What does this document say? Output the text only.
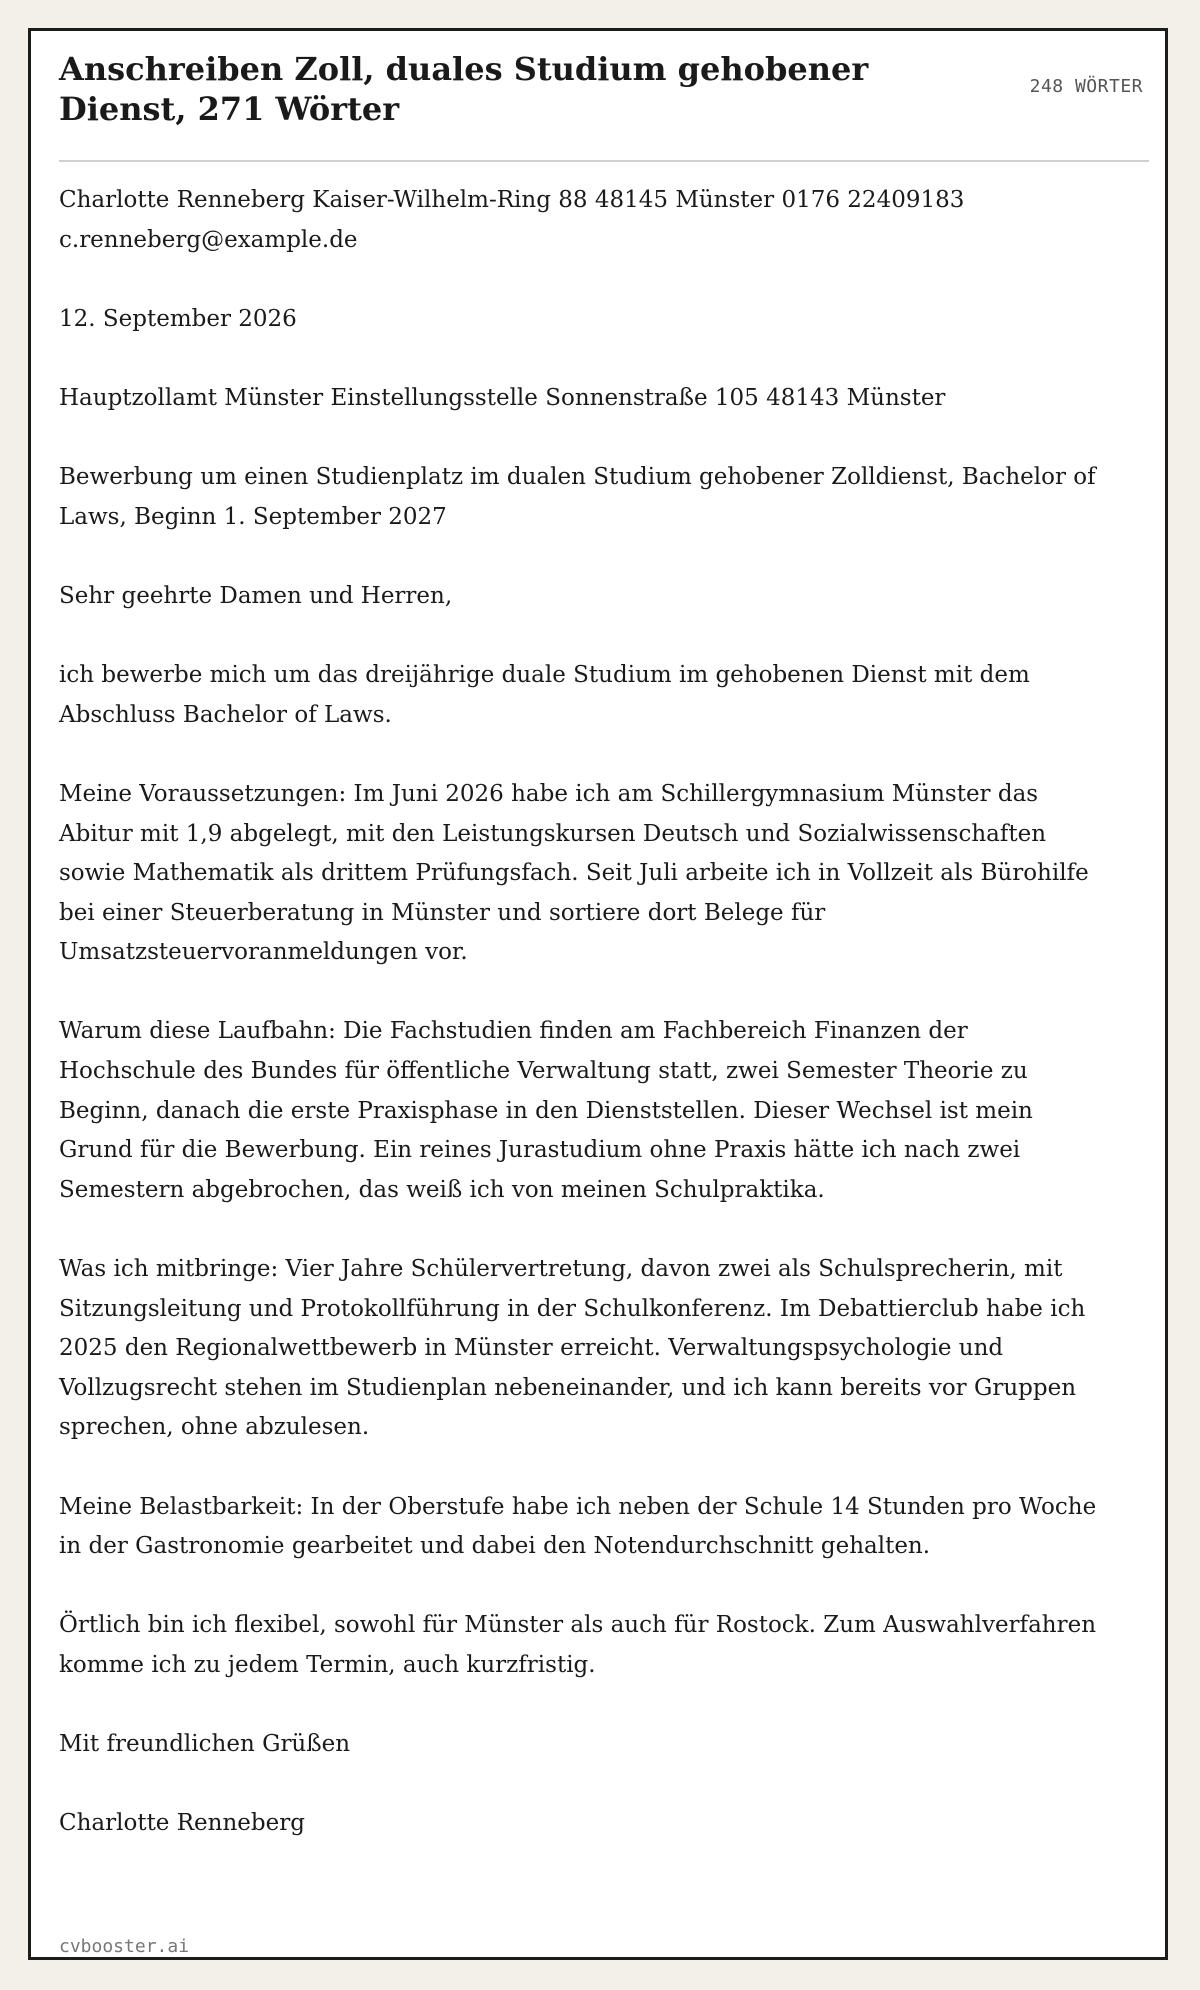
Anschreiben Zoll, duales Studium gehobener Dienst, 271 Wörter
248 WÖRTER

Charlotte Renneberg Kaiser-Wilhelm-Ring 88 48145 Münster 0176 22409183 c.renneberg@example.de

12. September 2026

Hauptzollamt Münster Einstellungsstelle Sonnenstraße 105 48143 Münster

Bewerbung um einen Studienplatz im dualen Studium gehobener Zolldienst, Bachelor of Laws, Beginn 1. September 2027

Sehr geehrte Damen und Herren,

ich bewerbe mich um das dreijährige duale Studium im gehobenen Dienst mit dem Abschluss Bachelor of Laws.

Meine Voraussetzungen: Im Juni 2026 habe ich am Schillergymnasium Münster das Abitur mit 1,9 abgelegt, mit den Leistungskursen Deutsch und Sozialwissenschaften sowie Mathematik als drittem Prüfungsfach. Seit Juli arbeite ich in Vollzeit als Bürohilfe bei einer Steuerberatung in Münster und sortiere dort Belege für Umsatzsteuervoranmeldungen vor.

Warum diese Laufbahn: Die Fachstudien finden am Fachbereich Finanzen der Hochschule des Bundes für öffentliche Verwaltung statt, zwei Semester Theorie zu Beginn, danach die erste Praxisphase in den Dienststellen. Dieser Wechsel ist mein Grund für die Bewerbung. Ein reines Jurastudium ohne Praxis hätte ich nach zwei Semestern abgebrochen, das weiß ich von meinen Schulpraktika.

Was ich mitbringe: Vier Jahre Schülervertretung, davon zwei als Schulsprecherin, mit Sitzungsleitung und Protokollführung in der Schulkonferenz. Im Debattierclub habe ich 2025 den Regionalwettbewerb in Münster erreicht. Verwaltungspsychologie und Vollzugsrecht stehen im Studienplan nebeneinander, und ich kann bereits vor Gruppen sprechen, ohne abzulesen.

Meine Belastbarkeit: In der Oberstufe habe ich neben der Schule 14 Stunden pro Woche in der Gastronomie gearbeitet und dabei den Notendurchschnitt gehalten.

Örtlich bin ich flexibel, sowohl für Münster als auch für Rostock. Zum Auswahlverfahren komme ich zu jedem Termin, auch kurzfristig.

Mit freundlichen Grüßen

Charlotte Renneberg

cvbooster.ai
